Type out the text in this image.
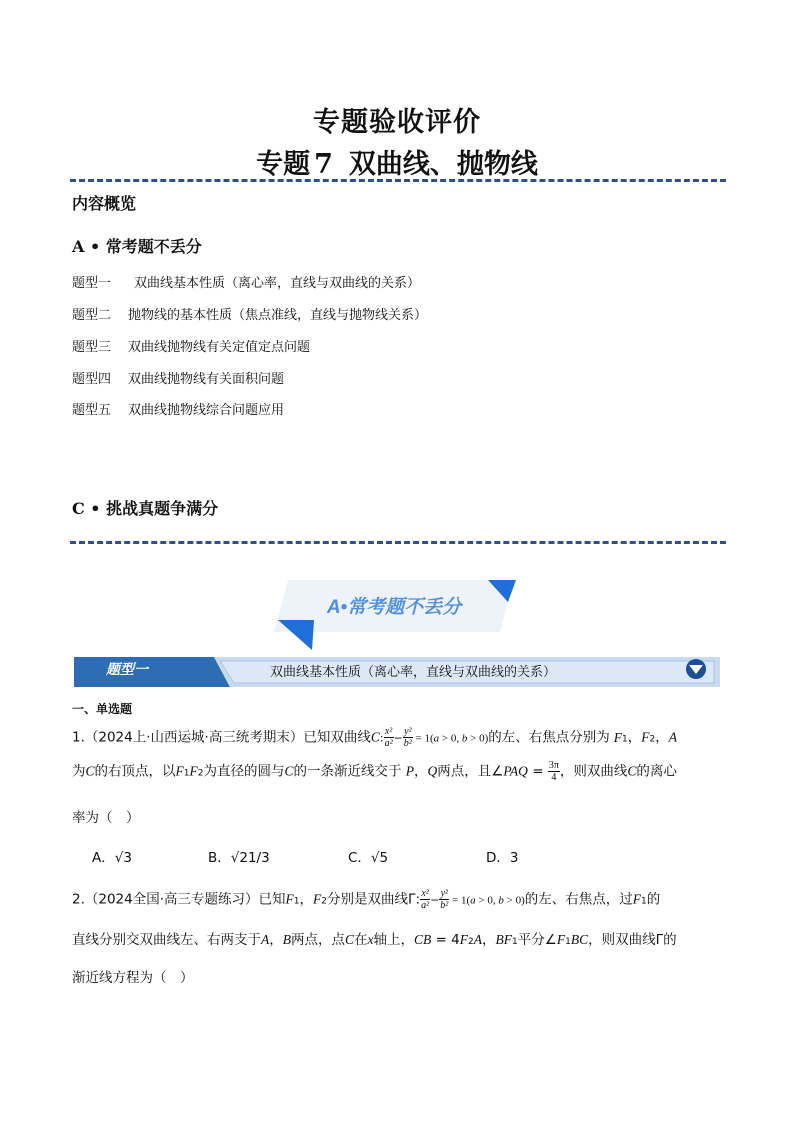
专题验收评价
专题 7 双曲线、抛物线
内容概览
A • 常考题不丢分
题型一 双曲线基本性质（离心率，直线与双曲线的关系）
题型二 抛物线的基本性质（焦点准线，直线与抛物线关系）
题型三 双曲线抛物线有关定值定点问题
题型四 双曲线抛物线有关面积问题
题型五 双曲线抛物线综合问题应用
C • 挑战真题争满分
A•常考题不丢分
题型一	双曲线基本性质（离心率，直线与双曲线的关系）
一、单选题
1.（2024上·山西运城·高三统考期末）已知双曲线C: $\frac{\text{x²}}{\text{a²}} - \frac{\text{y²}}{\text{b²}} = 1(a > 0$, b > 0)的左、右焦点分别为 F1，F2，A
为C的右顶点，以F1F2为直径的圆与C的一条渐近线交于 P，Q两点，且∠PAQ = $\frac{3\pi}{4}$ ，则双曲线C的离心
率为（　）
A．√3	B．√21/3	C．√5	D．3
2.（2024全国·高三专题练习）已知F1，F2分别是双曲线Γ: $\frac{\text{x²}}{\text{a²}} - \frac{\text{y²}}{\text{b²}} = 1(a > 0$, b > 0)的左、右焦点，过F1的
直线分别交双曲线左、右两支于A，B两点，点C在x轴上，CB = 4F2A，BF1平分∠F1BC，则双曲线Γ的
渐近线方程为（　）
